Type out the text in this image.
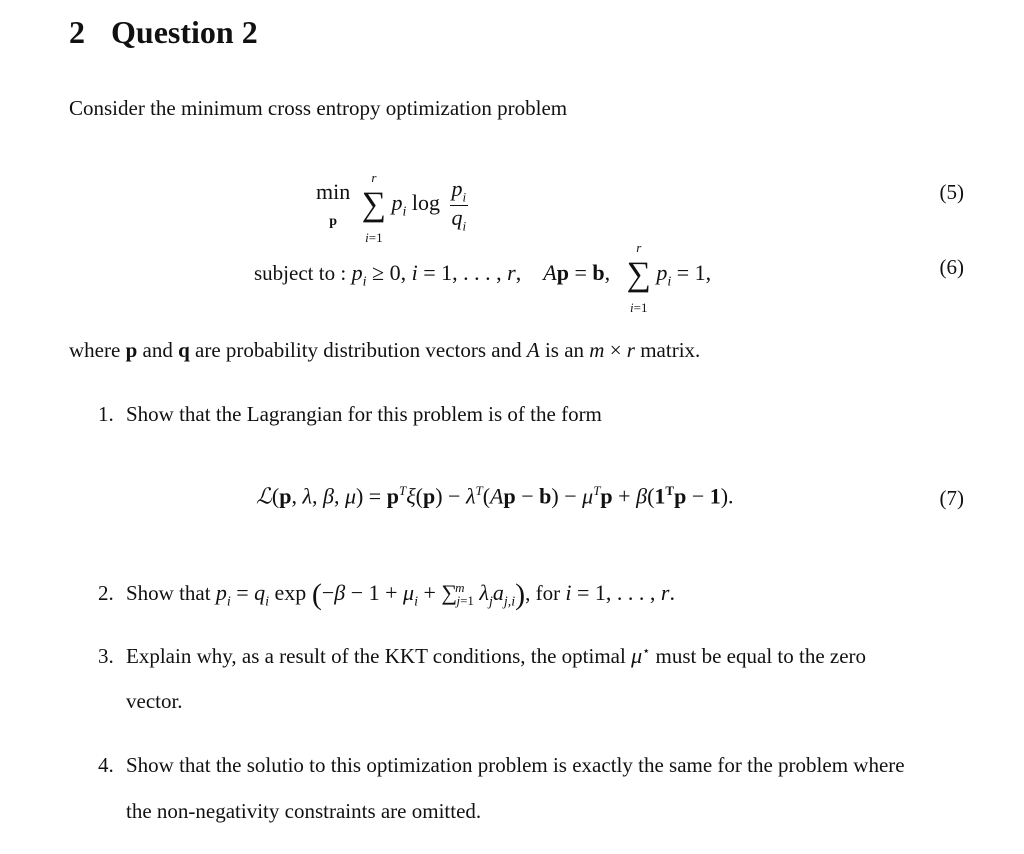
2 Question 2
Consider the minimum cross entropy optimization problem
min
p r
∑
i=1 $p_i$ $\log \frac{p_i}{q_i}$	(5)
subject to : $p_i \ge 0$, i = 1, . . . , r,    Ap = b,   r
∑
i=1 $p_i = 1$,	(6)
where p and q are probability distribution vectors and A is an m × r matrix.
1. Show that the Lagrangian for this problem is of the form
ℒ(p, λ, β, $\mu) = p^T\xi(p) - \lambda^T(Ap - b) - \mu^Tp + \beta(1^Tp - 1)$.	(7)
2. Show that $p_i = q_i$ $\exp (-\beta - 1 + \mu_i + \sum^m_{j=1}$ $\lambda_ja_{j,i}$), for i = 1, . . . , r.
3. Explain why, as a result of the KKT conditions, the optimal μ⋆ must be equal to the zero
vector.
4. Show that the solutio to this optimization problem is exactly the same for the problem where
the non-negativity constraints are omitted.
